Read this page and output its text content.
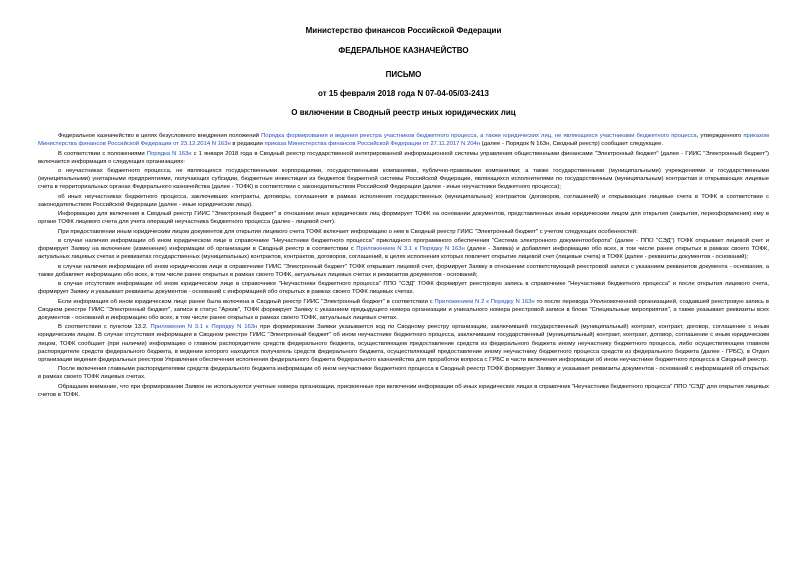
Министерство финансов Российской Федерации
ФЕДЕРАЛЬНОЕ КАЗНАЧЕЙСТВО
ПИСЬМО
от 15 февраля 2018 года N 07-04-05/03-2413
О включении в Сводный реестр иных юридических лиц

Федеральное казначейство в целях безусловного внедрения положений Порядка формирования и ведения реестра участников бюджетного процесса, а также юридических лиц, не являющихся участниками бюджетного процесса, утвержденного приказом Министерства финансов Российской Федерации от 23.12.2014 N 163н в редакции приказа Министерства финансов Российской Федерации от 27.11.2017 N 204н (далее - Порядок N 163н, Сводный реестр) сообщает следующее.

В соответствии с положениями Порядка N 163н с 1 января 2018 года в Сводный реестр государственной интегрированной информационной системы управления общественными финансами "Электронный бюджет" (далее - ГИИС "Электронный бюджет") включается информация о следующих организациях:

о неучастниках бюджетного процесса, не являющихся государственными корпорациями, государственными компаниями, публично-правовыми компаниями; а также государственными (муниципальными) учреждениями и государственными (муниципальными) унитарными предприятиями, получающих субсидии, бюджетные инвестиции из бюджетов бюджетной системы Российской Федерации, являющихся исполнителями по государственным (муниципальным) контрактам и открывающих лицевые счета в территориальных органах Федерального казначейства (далее - ТОФК) в соответствии с законодательством Российской Федерации (далее - иные неучастники бюджетного процесса);

об иных неучастниках бюджетного процесса, заключивших контракты, договоры, соглашения в рамках исполнения государственных (муниципальных) контрактов (договоров, соглашений) и открывающих лицевые счета в ТОФК в соответствии с законодательством Российской Федерации (далее - иные юридические лица).

Информацию для включения в Сводный реестр ГИИС "Электронный бюджет" в отношении иных юридических лиц формирует ТОФК на основании документов, представленных иным юридическим лицом для открытия (закрытия, переоформления) ему в органе ТОФК лицевого счета для учета операций неучастника бюджетного процесса (далее - лицевой счет).

При предоставлении иным юридическим лицом документов для открытия лицевого счета ТОФК включает информацию о нем в Сводный реестр ГИИС "Электронный бюджет" с учетом следующих особенностей:

в случае наличия информации об ином юридическом лице в справочнике "Неучастники бюджетного процесса" прикладного программного обеспечения "Система электронного документооборота" (далее - ППО "СЭД") ТОФК открывает лицевой счет и формирует Заявку на включение (изменение) информации об организации в Сводный реестр в соответствии с Приложением N 3.1 к Порядку N 163н (далее - Заявка) и добавляет информацию обо всех, в том числе ранее открытых в рамках своего ТОФК, актуальных лицевых счетах и реквизитах государственных (муниципальных) контрактов, контрактов, договоров, соглашений, в целях исполнения которых повлечет открытие лицевой счет (лицевые счета) в ТОФК (далее - реквизиты документов - оснований);

в случае наличия информации об ином юридическом лице в справочнике ГИИС "Электронный бюджет" ТОФК открывает лицевой счет, формирует Заявку в отношении соответствующей реестровой записи с указанием реквизитов документа - основания, а также добавляет информацию обо всех, в том числе ранее открытых в рамках своего ТОФК, актуальных лицевых счетах и реквизитов документов - оснований;

в случае отсутствия информации об ином юридическом лице в справочнике "Неучастники бюджетного процесса" ППО "СЭД" ТОФК формирует реестровую запись в справочнике "Неучастники бюджетного процесса" и после открытия лицевого счета, формирует Заявку и указывает реквизиты документов - оснований с информацией обо открытых в рамках своего ТОФК лицевых счетах.

Если информация об ином юридическом лице ранее была включена в Сводный реестр ГИИС "Электронный бюджет" в соответствии с Приложением N 2 к Порядку N 163н то после перевода Уполномоченной организацией, создавшей реестровую запись в Сводном реестре ГИИС "Электронный бюджет", записи в статус "Архив", ТОФК формирует Заявку с указанием предыдущего номера организации и уникального номера реестровой записи в блоке "Специальные мероприятия", а также указывает реквизиты всех документов - оснований и информацию обо всех, в том числе ранее открытых в рамках своего ТОФК, актуальных лицевых счетах.

В соответствии с пунктом 13.2. Приложения N 3.1 к Порядку N 163н при формировании Заявки указывается код по Сводному реестру организации, заключившей государственный (муниципальный) контракт, контракт, договор, соглашение с иным юридическим лицом. В случае отсутствия информации в Сводном реестре ГИИС "Электронный бюджет" об ином неучастнике бюджетного процесса, заключившем государственный (муниципальный) контракт, контракт, договор, соглашение с иным юридическим лицом, ТОФК сообщает (при наличии) информацию о главном распорядителе средств федерального бюджета, осуществляющем предоставление средств из федерального бюджета иному неучастнику бюджетного процесса, либо осуществляющем главном распорядителе средств федерального бюджета, в ведении которого находится получатель средств федерального бюджета, осуществляющий предоставление иному неучастнику бюджетного процесса средств из федерального бюджета (далее - ГРБС), в Отдел организации ведения федеральных реестров Управления обеспечения исполнения федерального бюджета Федерального казначейства для проработки вопроса с ГРБС в части включения информации об ином неучастнике бюджетного процесса в Сводный реестр.

После включения главными распорядителями средств федерального бюджета информации об ином неучастнике бюджетного процесса в Сводный реестр ТОФК формирует Заявку и указывает реквизиты документов - оснований с информацией об открытых в рамках своего ТОФК лицевых счетах.

Обращаем внимание, что при формировании Заявок не используются учетные номера организации, присвоенные при включении информации об иных юридических лицах в справочник "Неучастники бюджетного процесса" ППО "СЭД" для открытия лицевых счетов в ТОФК.
